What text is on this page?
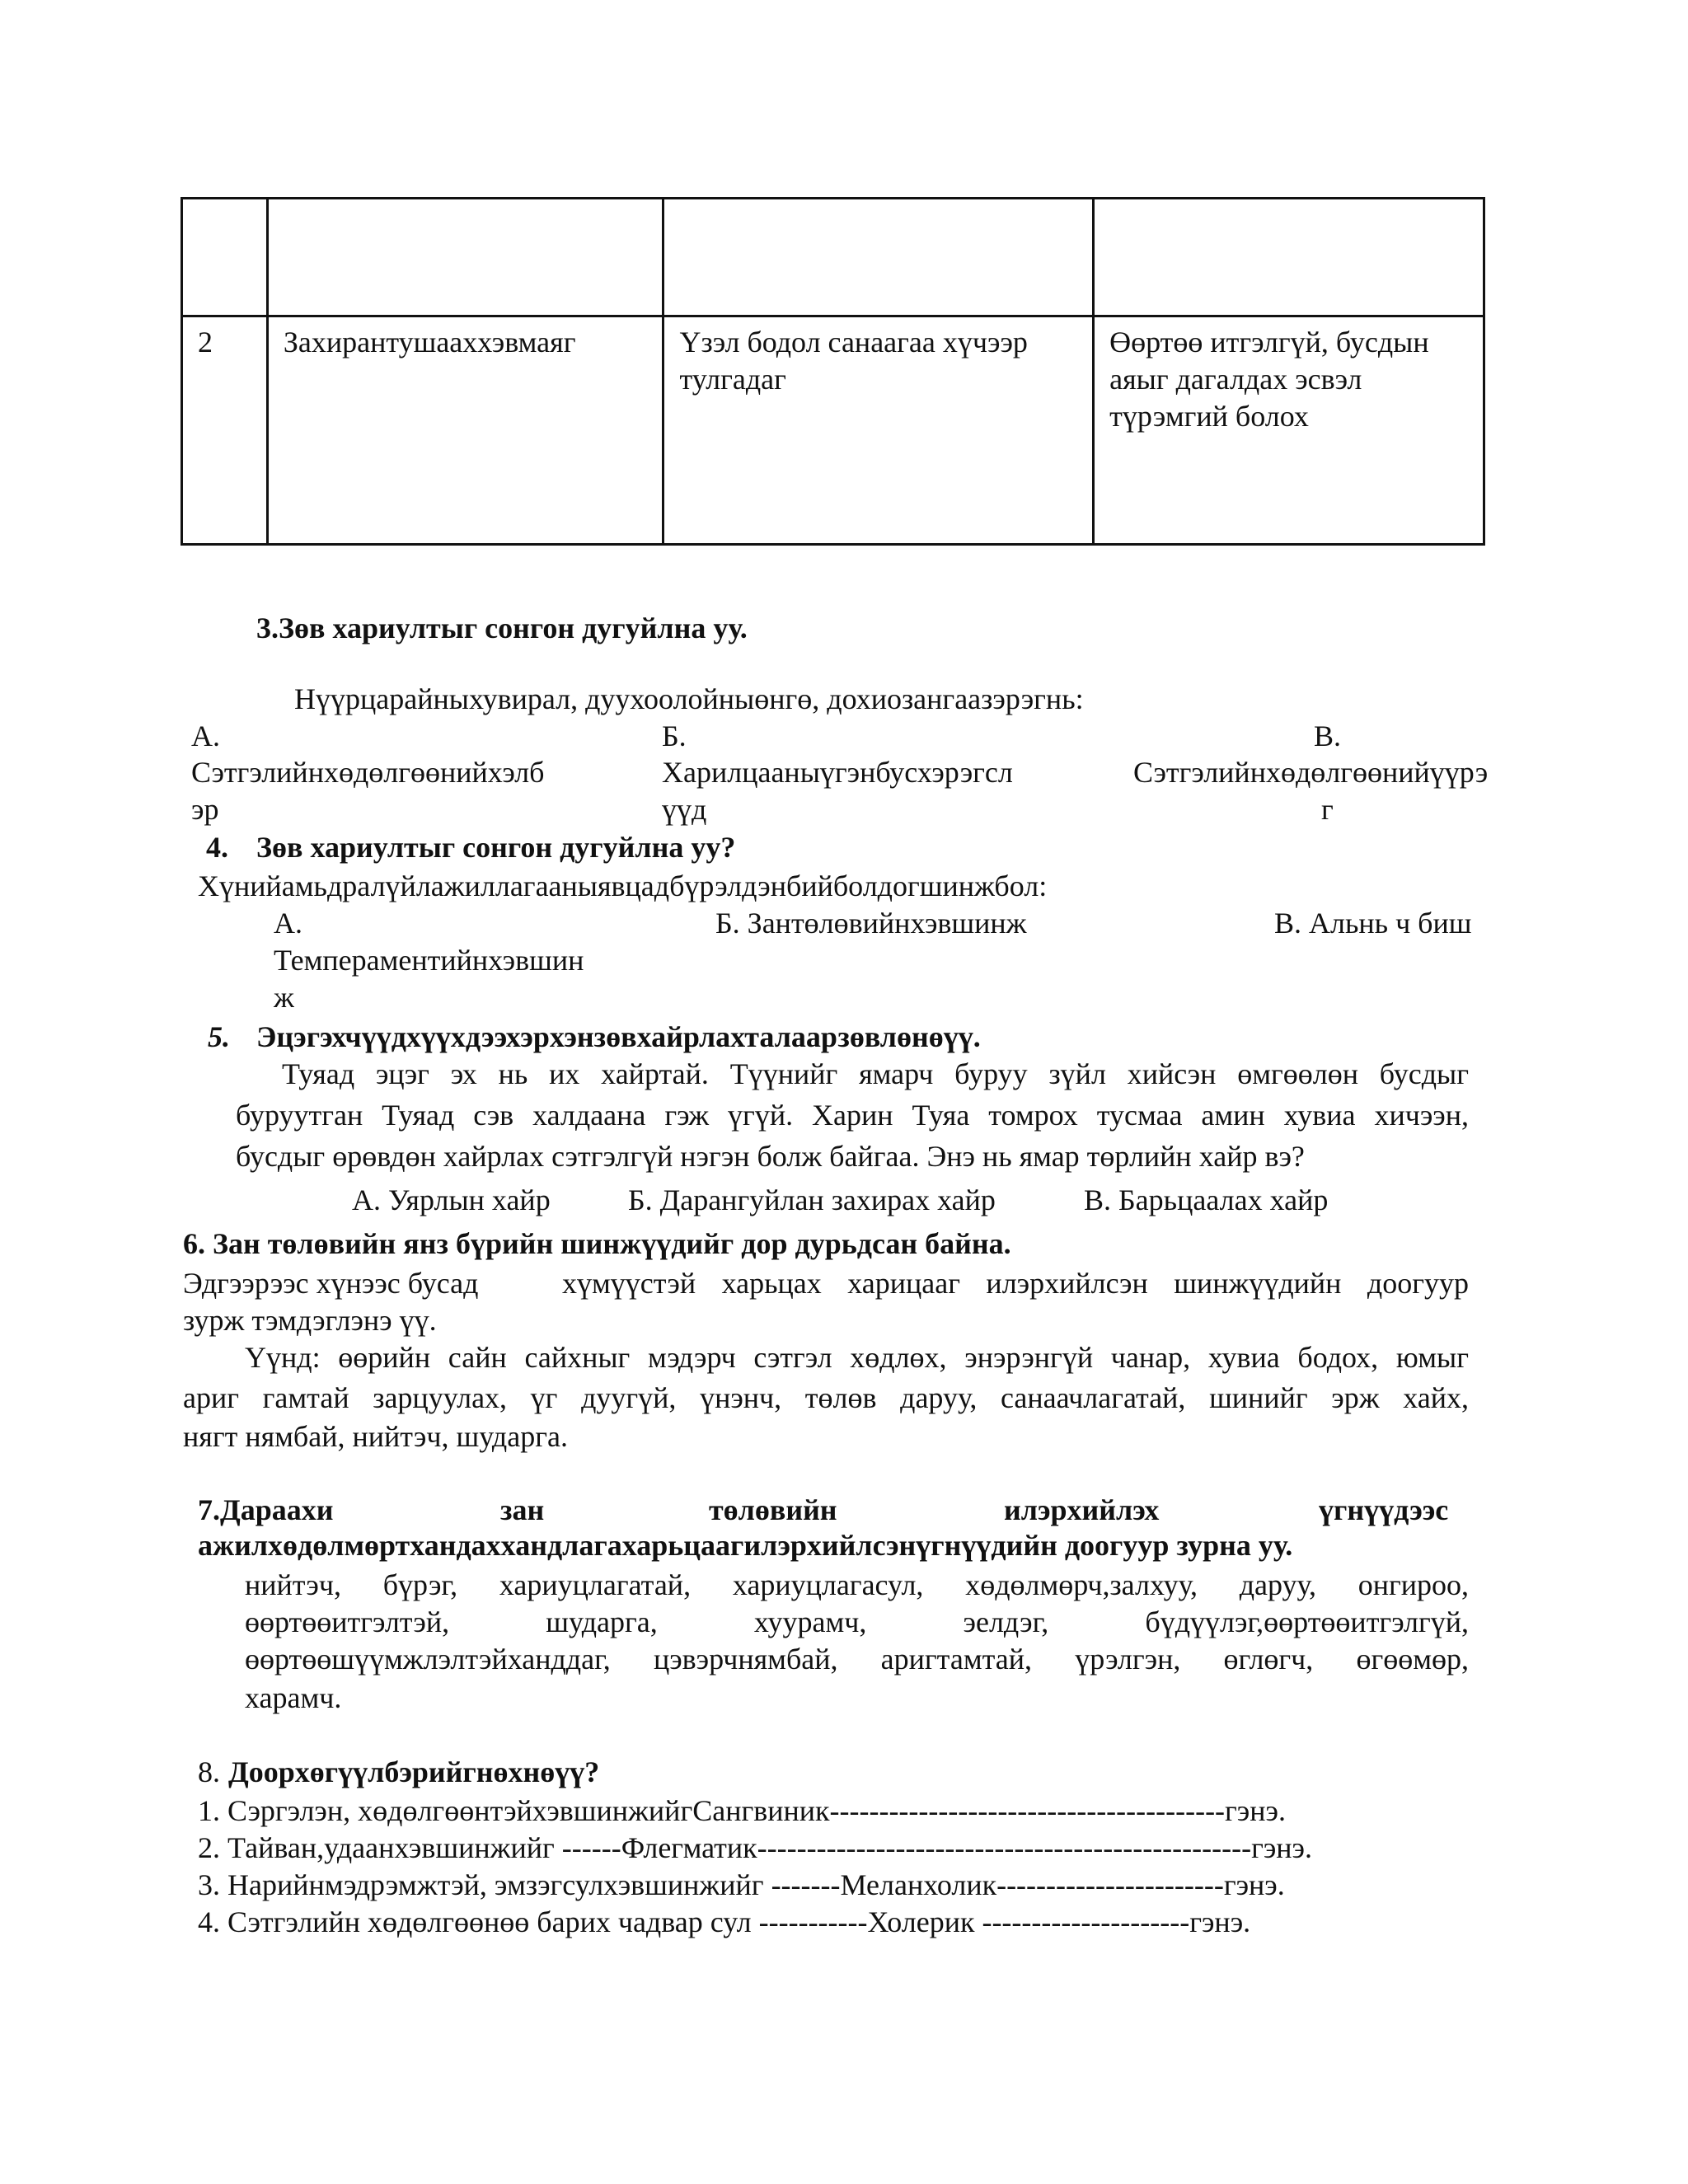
2	Захирантушааххэвмаяг	Үзэл бодол санаагаа хүчээр тулгадаг	Өөртөө итгэлгүй, бусдын аяыг дагалдах эсвэл түрэмгий болох
3.Зөв хариултыг сонгон дугуйлна уу.
Нүүрцарайныхувирал, дуухоолойныөнгө, дохиозангаазэрэгнь:
А.
Сэтгэлийнхөдөлгөөнийхэлб
эр
Б.
Харилцааныүгэнбусхэрэгсл
үүд
В.
Сэтгэлийнхөдөлгөөнийүүрэ
г
4. Зөв хариултыг сонгон дугуйлна уу?
Хүнийамьдралүйлажиллагааныявцадбүрэлдэнбийболдогшинжбол:
А.
Темпераментийнхэвшин
ж
Б. Зантөлөвийнхэвшинж	В. Альнь ч биш
5. Эцэгэхчүүдхүүхдээхэрхэнзөвхайрлахталаарзөвлөнөүү.
Туяад эцэг эх нь их хайртай. Түүнийг ямарч буруу зүйл хийсэн өмгөөлөн бусдыг
буруутган Туяад сэв халдаана гэж үгүй. Харин Туяа томрох тусмаа амин хувиа хичээн,
бусдыг өрөвдөн хайрлах сэтгэлгүй нэгэн болж байгаа. Энэ нь ямар төрлийн хайр вэ?
А. Уярлын хайр	Б. Дарангуйлан захирах хайр	В. Барьцаалах хайр
6. Зан төлөвийн янз бүрийн шинжүүдийг дор дурьдсан байна.
Эдгээрээс хүнээс бусад	хүмүүстэй харьцах харицааг илэрхийлсэн шинжүүдийн доогуур
зурж тэмдэглэнэ үү.
Үүнд: өөрийн сайн сайхныг мэдэрч сэтгэл хөдлөх, энэрэнгүй чанар, хувиа бодох, юмыг
ариг гамтай зарцуулах, үг дуугүй, үнэнч, төлөв даруу, санаачлагатай, шинийг эрж хайх,
нягт нямбай, нийтэч, шударга.
7.Дараахи	зан	төлөвийн	илэрхийлэх	үгнүүдээс
ажилхөдөлмөртхандаххандлагахарьцаагилэрхийлсэнүгнүүдийн доогуур зурна уу.
нийтэч, бүрэг, хариуцлагатай, хариуцлагасул, хөдөлмөрч,залхуу, даруу, онгироо,
өөртөөитгэлтэй, шударга, хуурамч, эелдэг, бүдүүлэг,өөртөөитгэлгүй,
өөртөөшүүмжлэлтэйханддаг, цэвэрчнямбай, аригтамтай, үрэлгэн, өглөгч, өгөөмөр,
харамч.
8. Доорхөгүүлбэрийгнөхнөүү?
1. Сэргэлэн, хөдөлгөөнтэйхэвшинжийгСангвиник----------------------------------------гэнэ.
2. Тайван,удаанхэвшинжийг ------Флегматик--------------------------------------------------гэнэ.
3. Нарийнмэдрэмжтэй, эмзэгсулхэвшинжийг -------Меланхолик-----------------------гэнэ.
4. Сэтгэлийн хөдөлгөөнөө барих чадвар сул -----------Холерик ---------------------гэнэ.
